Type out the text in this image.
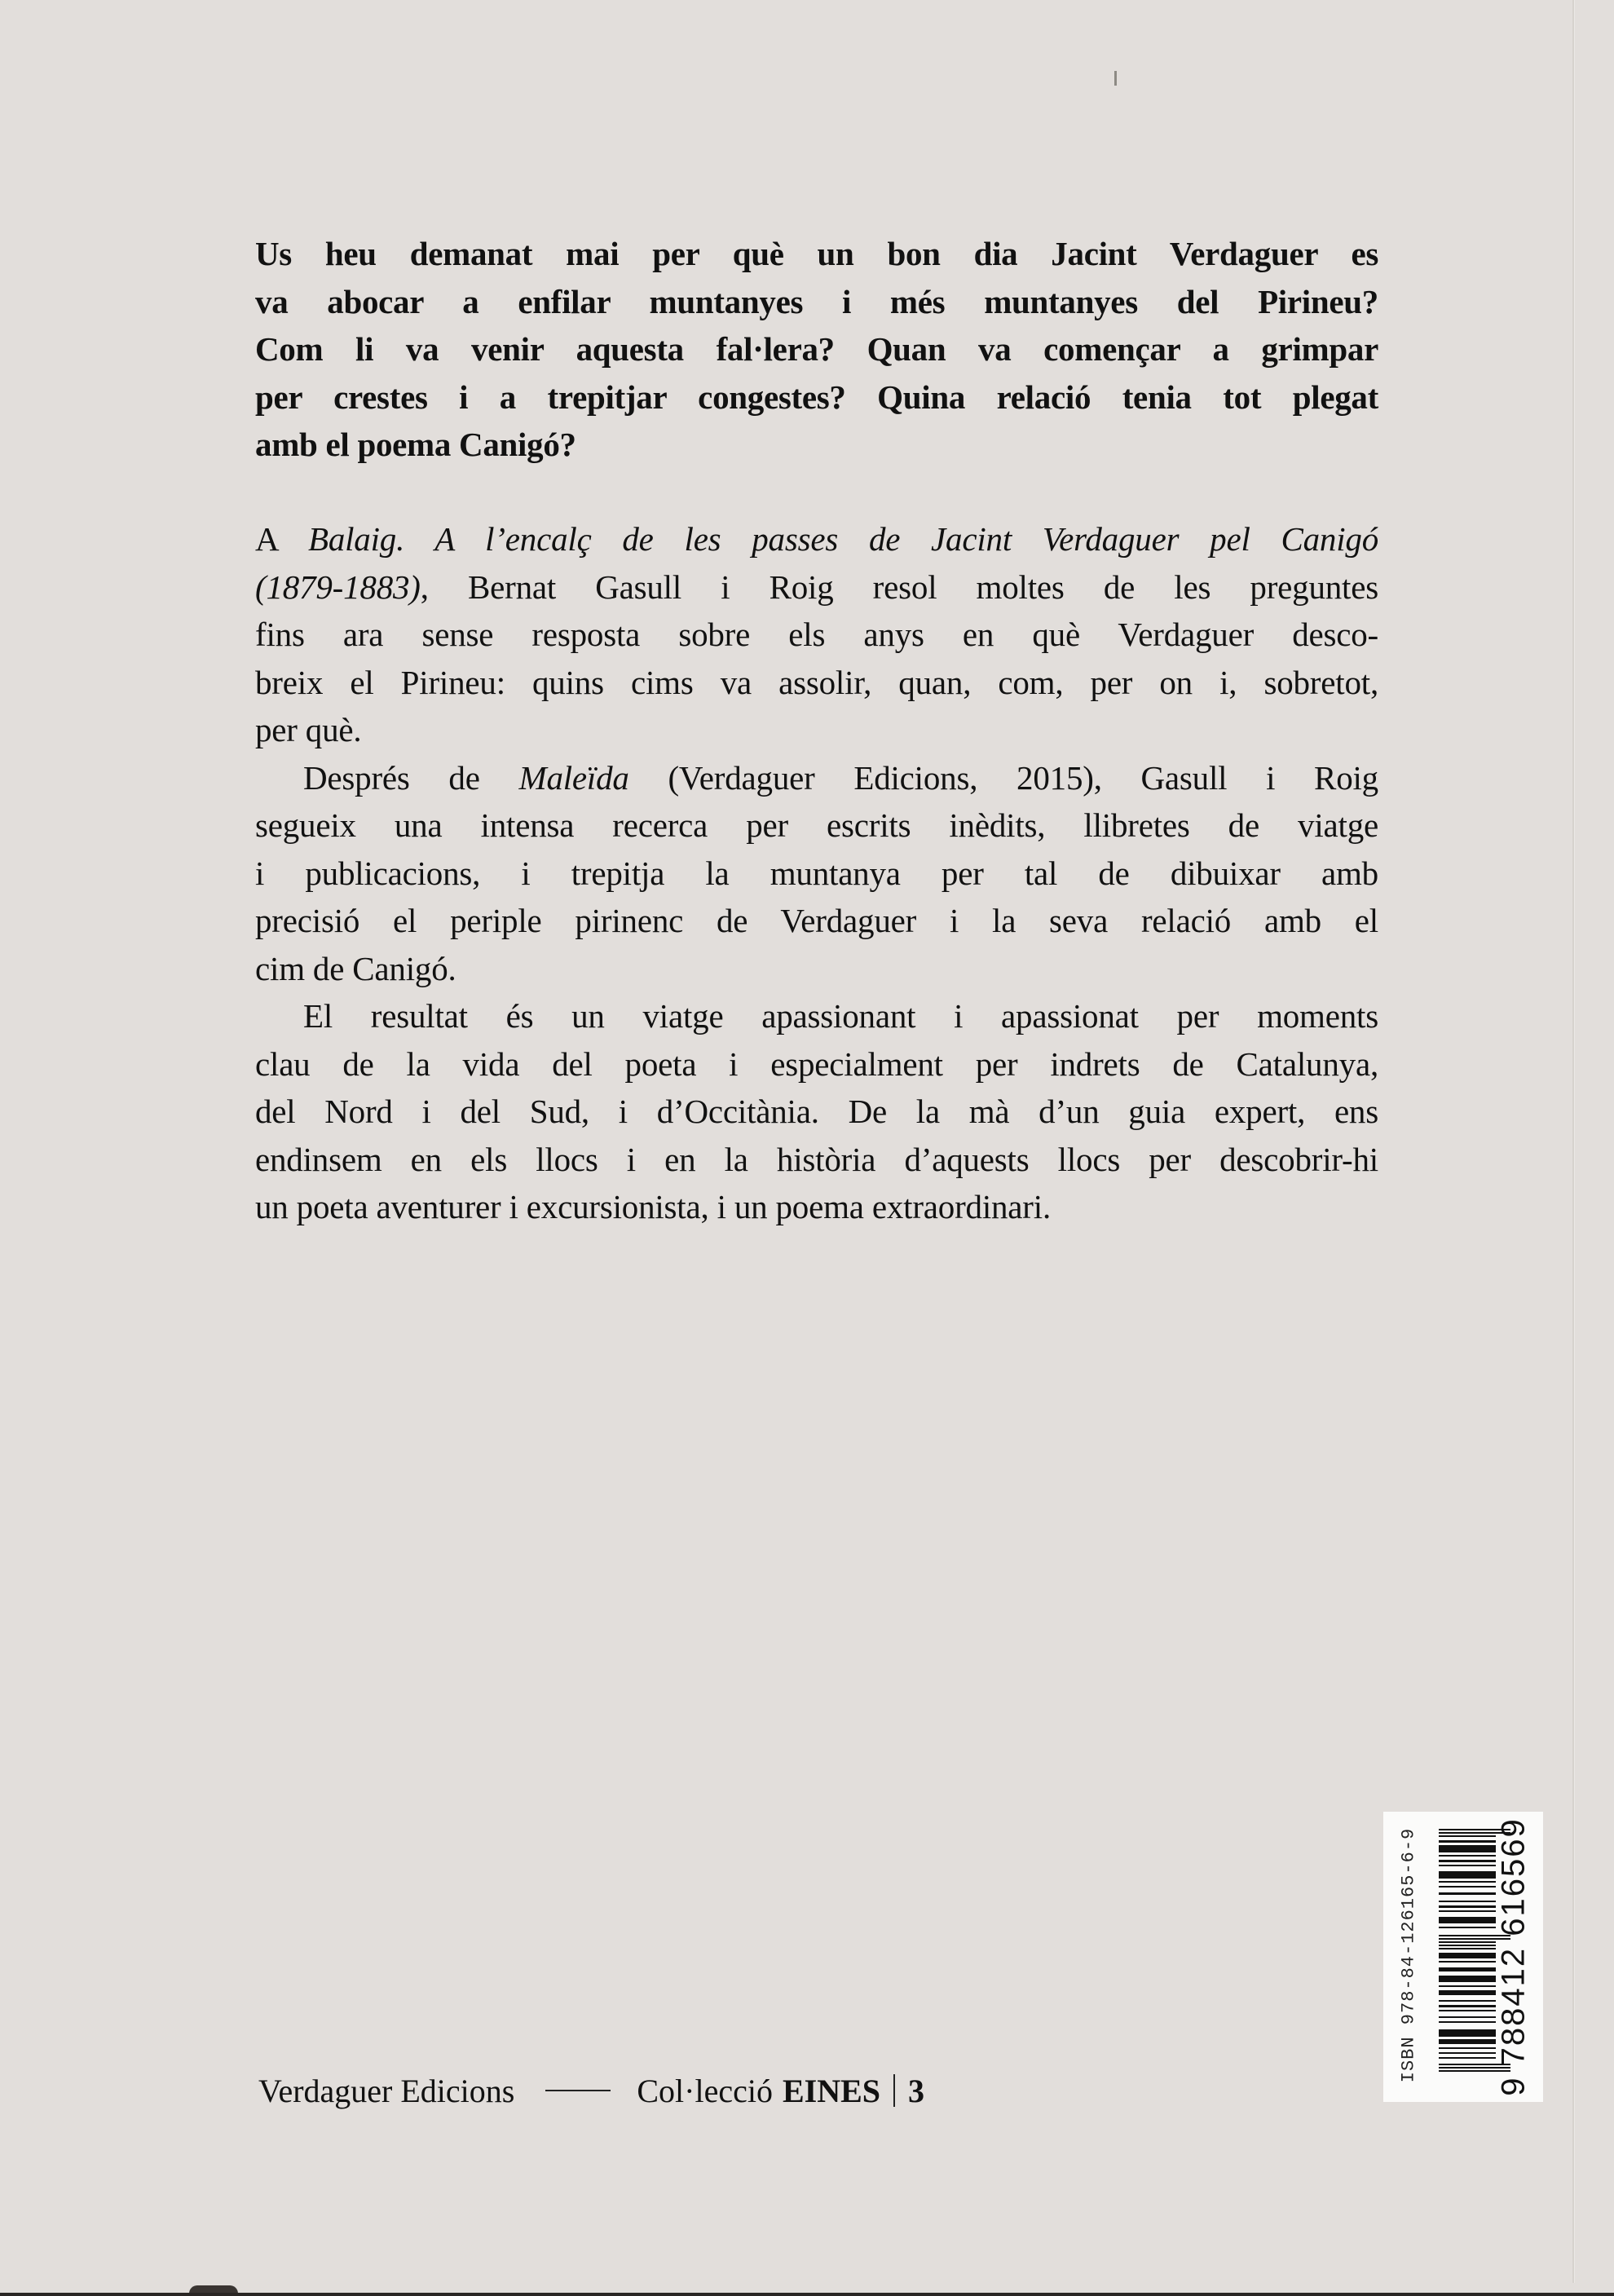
Us heu demanat mai per què un bon dia Jacint Verdaguer es
va abocar a enfilar muntanyes i més muntanyes del Pirineu?
Com li va venir aquesta fal·lera? Quan va començar a grimpar
per crestes i a trepitjar congestes? Quina relació tenia tot plegat
amb el poema Canigó?
A Balaig. A l’encalç de les passes de Jacint Verdaguer pel Canigó
(1879-1883), Bernat Gasull i Roig resol moltes de les preguntes
fins ara sense resposta sobre els anys en què Verdaguer desco-
breix el Pirineu: quins cims va assolir, quan, com, per on i, sobretot,
per què.
Després de Maleïda (Verdaguer Edicions, 2015), Gasull i Roig
segueix una intensa recerca per escrits inèdits, llibretes de viatge
i publicacions, i trepitja la muntanya per tal de dibuixar amb
precisió el periple pirinenc de Verdaguer i la seva relació amb el
cim de Canigó.
El resultat és un viatge apassionant i apassionat per moments
clau de la vida del poeta i especialment per indrets de Catalunya,
del Nord i del Sud, i d’Occitània. De la mà d’un guia expert, ens
endinsem en els llocs i en la història d’aquests llocs per descobrir-hi
un poeta aventurer i excursionista, i un poema extraordinari.
Verdaguer Edicions	Col·lecció EINES 3
ISBN 978-84-126165-6-9 9 788412 616569
